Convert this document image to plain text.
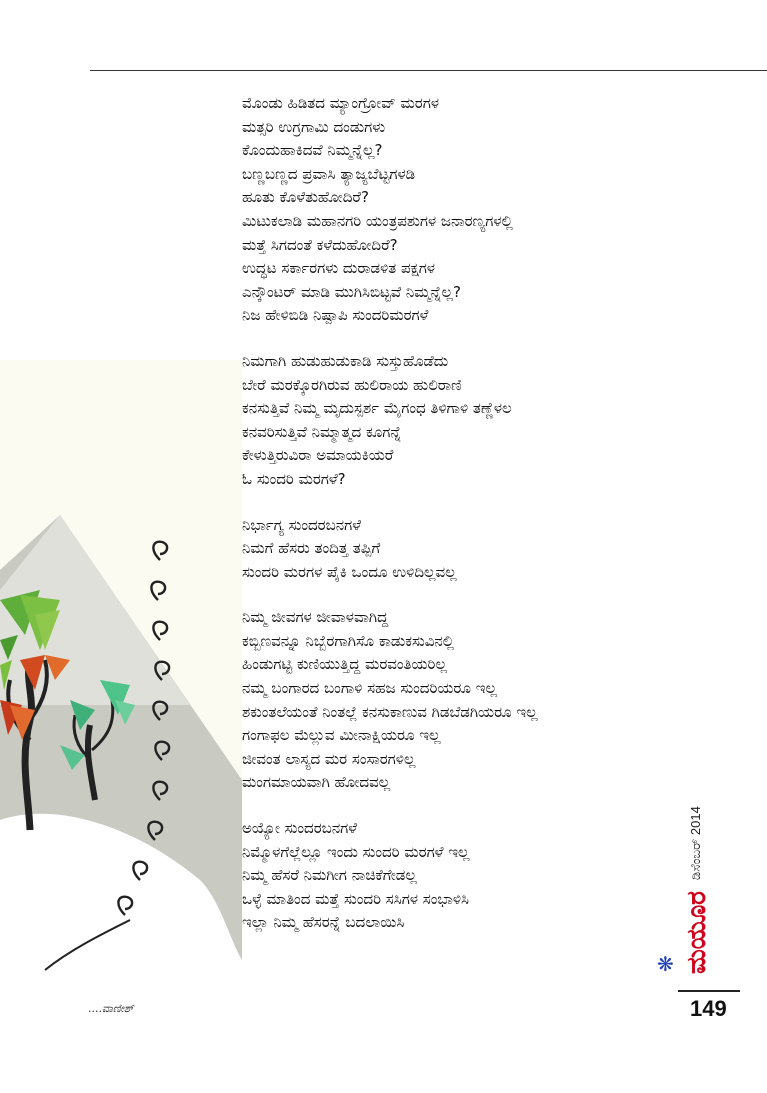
ಮೊಂಡು ಹಿಡಿತದ ಮ್ಯಾಂಗ್ರೋವ್ ಮರಗಳ
ಮತ್ಸರಿ ಉಗ್ರಗಾಮಿ ದಂಡುಗಳು
ಕೊಂದುಹಾಕಿದವೆ ನಿಮ್ಮನ್ನೆಲ್ಲ?
ಬಣ್ಣಬಣ್ಣದ ಪ್ರವಾಸಿ ತ್ಯಾಜ್ಯಬೆಟ್ಟಗಳಡಿ
ಹೂತು ಕೊಳೆತುಹೋದಿರೆ?
ಮಿಟುಕಲಾಡಿ ಮಹಾನಗರಿ ಯಂತ್ರಪಶುಗಳ ಜನಾರಣ್ಯಗಳಲ್ಲಿ
ಮತ್ತೆ ಸಿಗದಂತೆ ಕಳೆದುಹೋದಿರೆ?
ಉದ್ಧಟ ಸರ್ಕಾರಗಳು ದುರಾಡಳಿತ ಪಕ್ಷಗಳ
ಎನ್ಕೌಂಟರ್ ಮಾಡಿ ಮುಗಿಸಿಬಿಟ್ಟವೆ ನಿಮ್ಮನ್ನೆಲ್ಲ?
ನಿಜ ಹೇಳಿಬಿಡಿ ನಿಷ್ಪಾಪಿ ಸುಂದರಿಮರಗಳೆ
ನಿಮಗಾಗಿ ಹುಡುಹುಡುಕಾಡಿ ಸುಸ್ತುಹೊಡೆದು
ಬೇರೆ ಮರಕ್ಕೊರಗಿರುವ ಹುಲಿರಾಯ ಹುಲಿರಾಣಿ
ಕನಸುತ್ತಿವೆ ನಿಮ್ಮ ಮೃದುಸ್ಪರ್ಶ ಮೈಗಂಧ ತಿಳಿಗಾಳಿ ತಣ್ಣೆಳಲ
ಕನವರಿಸುತ್ತಿವೆ ನಿಮ್ಮಾತ್ಮದ ಕೂಗನ್ನೆ
ಕೇಳುತ್ತಿರುವಿರಾ ಅಮಾಯಕಿಯರೆ
ಓ ಸುಂದರಿ ಮರಗಳೆ?
ನಿರ್ಭಾಗ್ಯ ಸುಂದರಬನಗಳೆ
ನಿಮಗೆ ಹೆಸರು ತಂದಿತ್ತ ತಪ್ಪಿಗೆ
ಸುಂದರಿ ಮರಗಳ ಪೈಕಿ ಒಂದೂ ಉಳಿದಿಲ್ಲವಲ್ಲ
ನಿಮ್ಮ ಜೀವಗಳ ಜೀವಾಳವಾಗಿದ್ದ
ಕಬ್ಬಿಣವನ್ನೂ ನಿಬ್ಬೆರಗಾಗಿಸೊ ಕಾಡುಕಸುವಿನಲ್ಲಿ
ಹಿಂಡುಗಟ್ಟಿ ಕುಣಿಯುತ್ತಿದ್ದ ಮರವಂತಿಯರಿಲ್ಲ
ನಮ್ಮ ಬಂಗಾರದ ಬಂಗಾಳಿ ಸಹಜ ಸುಂದರಿಯರೂ ಇಲ್ಲ
ಶಕುಂತಲೆಯಂತೆ ನಿಂತಲ್ಲೆ ಕನಸುಕಾಣುವ ಗಿಡಬೆಡಗಿಯರೂ ಇಲ್ಲ
ಗಂಗಾಫಲ ಮೆಲ್ಲುವ ಮೀನಾಕ್ಷಿಯರೂ ಇಲ್ಲ
ಜೀವಂತ ಲಾಸ್ಯದ ಮರ ಸಂಸಾರಗಳಿಲ್ಲ
ಮಂಗಮಾಯವಾಗಿ ಹೋದವಲ್ಲ
ಅಯ್ಯೋ ಸುಂದರಬನಗಳೆ
ನಿಮ್ಮೊಳಗೆಲ್ಲೆಲ್ಲೂ ಇಂದು ಸುಂದರಿ ಮರಗಳೆ ಇಲ್ಲ
ನಿಮ್ಮ ಹೆಸರೆ ನಿಮಗೀಗ ನಾಚಿಕೆಗೇಡಲ್ಲ
ಒಳ್ಳೆ ಮಾತಿಂದ ಮತ್ತೆ ಸುಂದರಿ ಸಸಿಗಳ ಸಂಭಾಳಿಸಿ
ಇಲ್ಲಾ ನಿಮ್ಮ ಹೆಸರನ್ನೆ ಬದಲಾಯಿಸಿ
....ವಾಣೀಶ್
ಡಿಸೆಂಬರ್ 2014
ಮಯೂರ
❋
149
